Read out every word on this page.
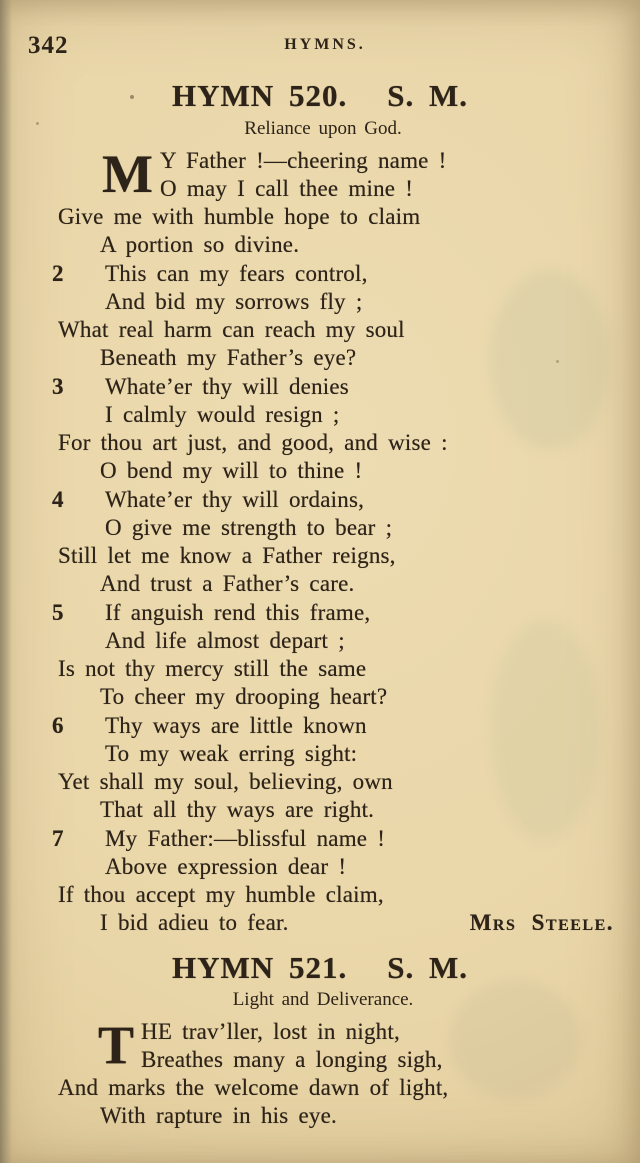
342	HYMNS.
HYMN 520. S. M.
Reliance upon God.
M Y Father !—cheering name !
O may I call thee mine !
Give me with humble hope to claim
A portion so divine.
2 This can my fears control,
And bid my sorrows fly ;
What real harm can reach my soul
Beneath my Father’s eye?
3 Whate’er thy will denies
I calmly would resign ;
For thou art just, and good, and wise :
O bend my will to thine !
4 Whate’er thy will ordains,
O give me strength to bear ;
Still let me know a Father reigns,
And trust a Father’s care.
5 If anguish rend this frame,
And life almost depart ;
Is not thy mercy still the same
To cheer my drooping heart?
6 Thy ways are little known
To my weak erring sight:
Yet shall my soul, believing, own
That all thy ways are right.
7 My Father:—blissful name !
Above expression dear !
If thou accept my humble claim,
I bid adieu to fear.	Mrs Steele.
HYMN 521. S. M.
Light and Deliverance.
T HE trav’ller, lost in night,
Breathes many a longing sigh,
And marks the welcome dawn of light,
With rapture in his eye.
